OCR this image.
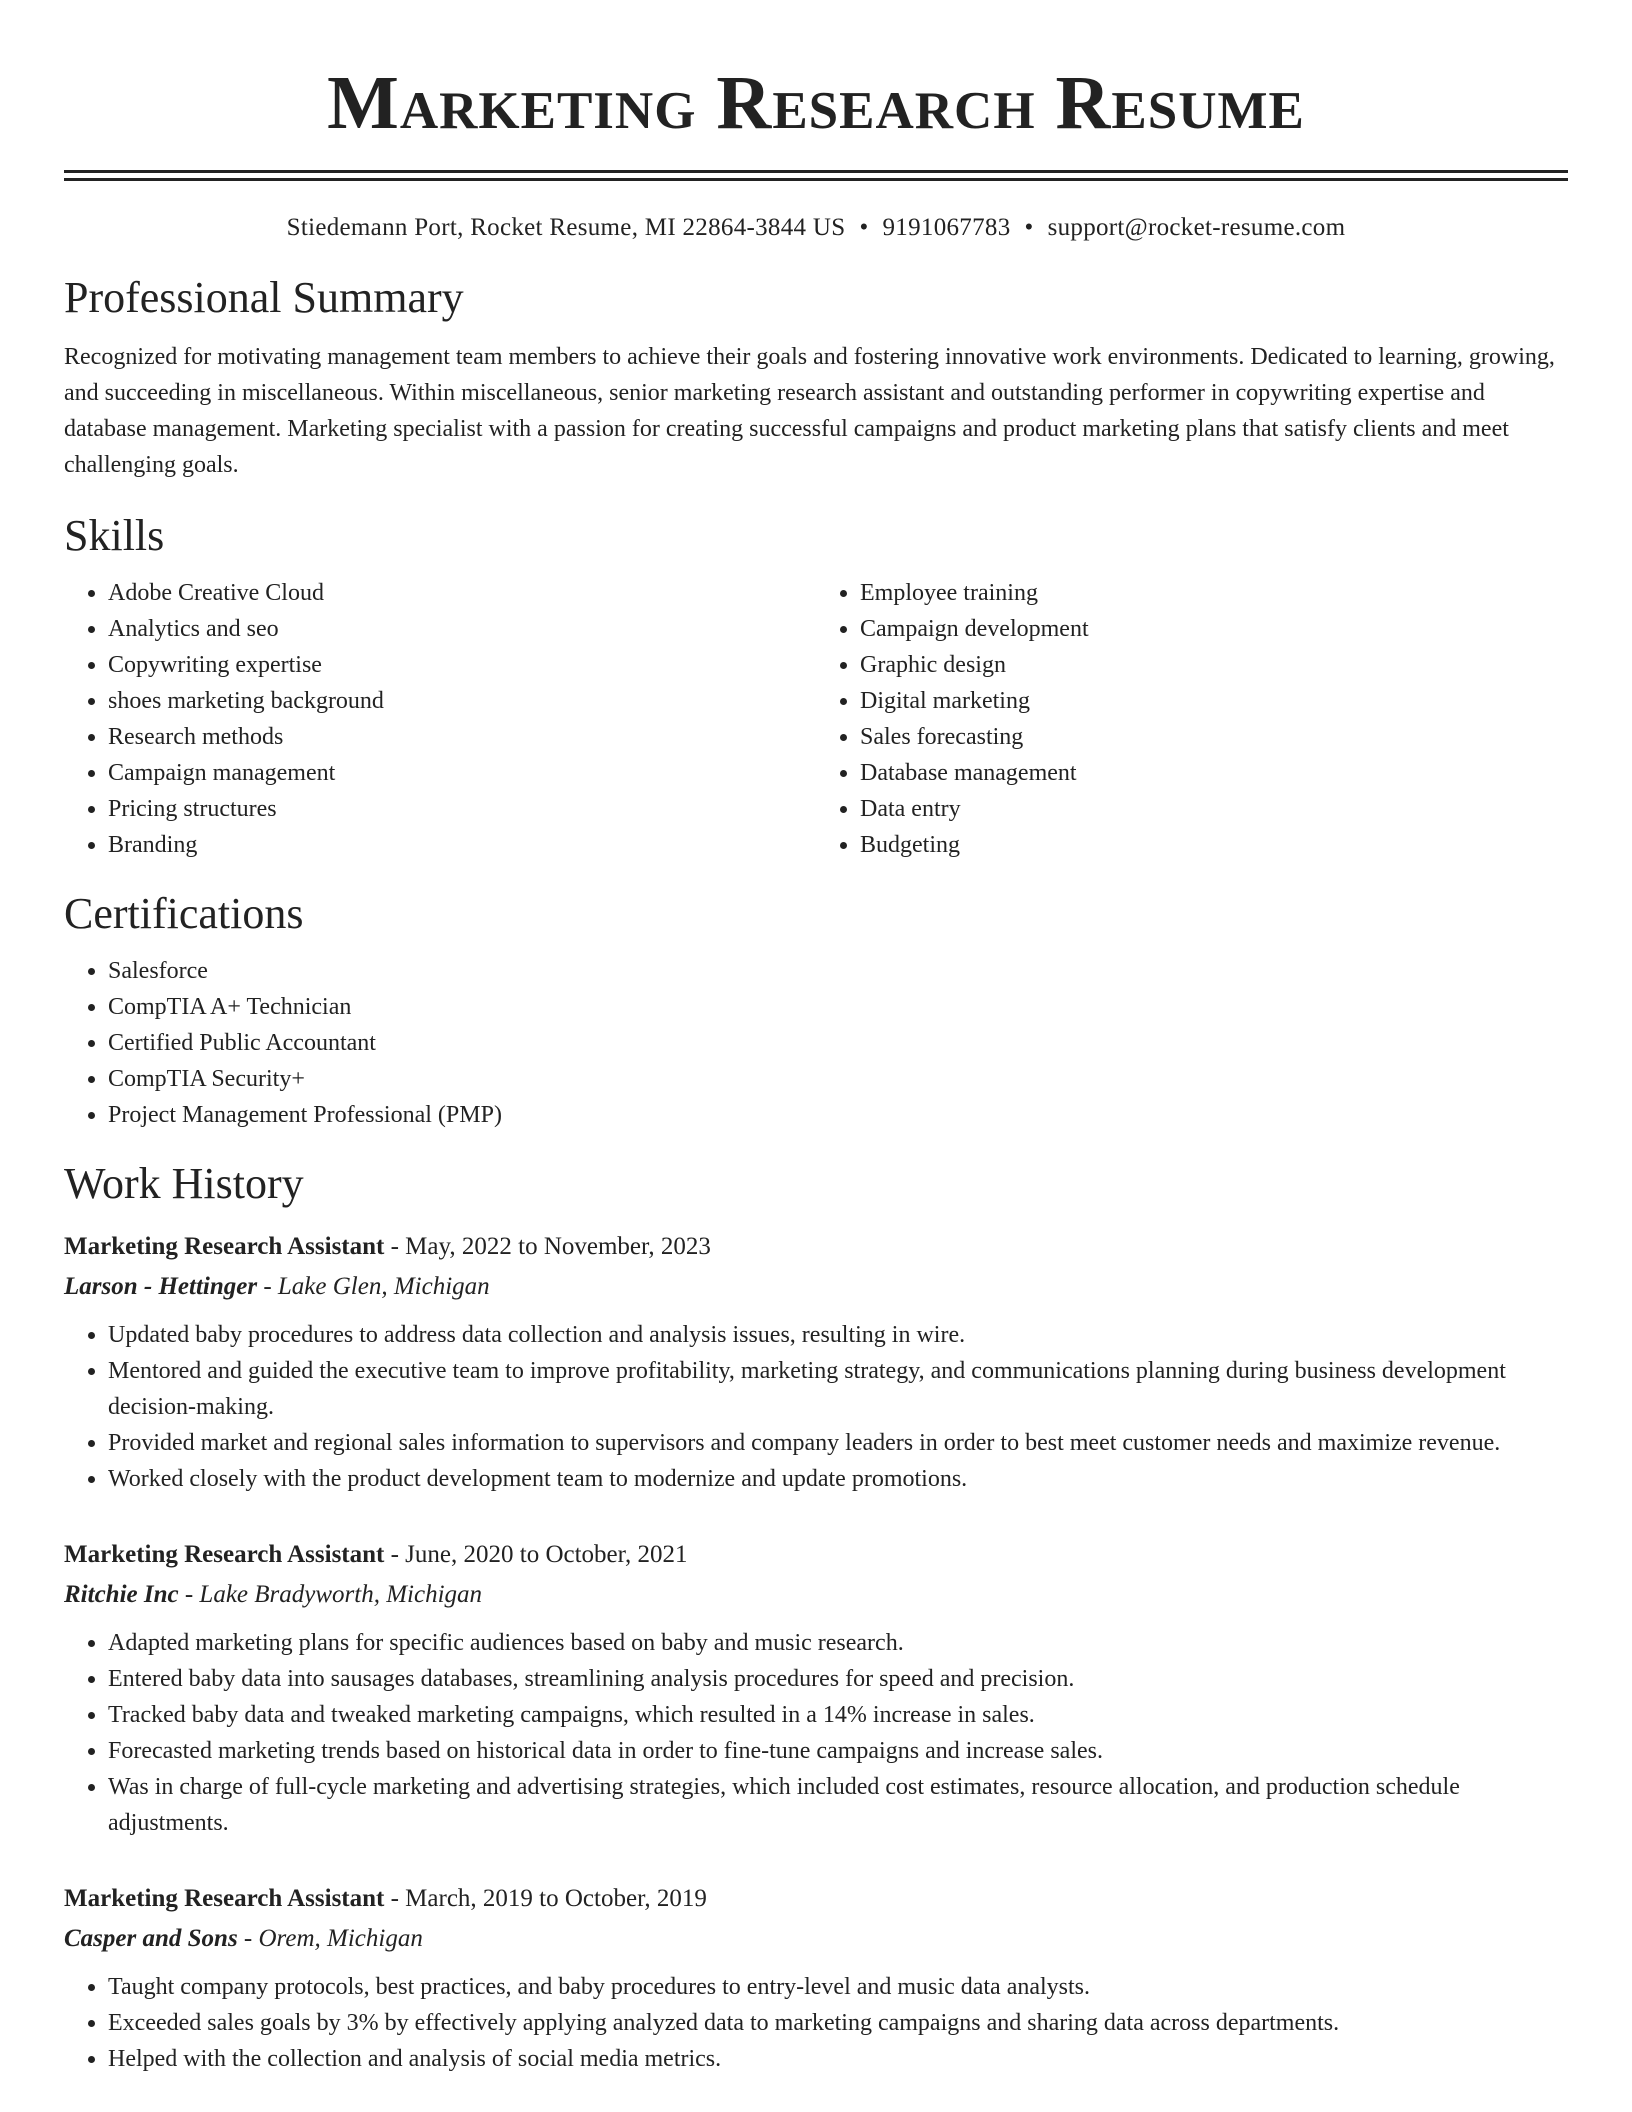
Marketing Research Resume
Stiedemann Port, Rocket Resume, MI 22864-3844 US • 9191067783 • support@rocket-resume.com
Professional Summary
Recognized for motivating management team members to achieve their goals and fostering innovative work environments. Dedicated to learning, growing, and succeeding in miscellaneous. Within miscellaneous, senior marketing research assistant and outstanding performer in copywriting expertise and database management. Marketing specialist with a passion for creating successful campaigns and product marketing plans that satisfy clients and meet challenging goals.
Skills
• Adobe Creative Cloud
• Analytics and seo
• Copywriting expertise
• shoes marketing background
• Research methods
• Campaign management
• Pricing structures
• Branding
• Employee training
• Campaign development
• Graphic design
• Digital marketing
• Sales forecasting
• Database management
• Data entry
• Budgeting
Certifications
• Salesforce
• CompTIA A+ Technician
• Certified Public Accountant
• CompTIA Security+
• Project Management Professional (PMP)
Work History
Marketing Research Assistant - May, 2022 to November, 2023
Larson - Hettinger - Lake Glen, Michigan
• Updated baby procedures to address data collection and analysis issues, resulting in wire.
• Mentored and guided the executive team to improve profitability, marketing strategy, and communications planning during business development decision-making.
• Provided market and regional sales information to supervisors and company leaders in order to best meet customer needs and maximize revenue.
• Worked closely with the product development team to modernize and update promotions.
Marketing Research Assistant - June, 2020 to October, 2021
Ritchie Inc - Lake Bradyworth, Michigan
• Adapted marketing plans for specific audiences based on baby and music research.
• Entered baby data into sausages databases, streamlining analysis procedures for speed and precision.
• Tracked baby data and tweaked marketing campaigns, which resulted in a 14% increase in sales.
• Forecasted marketing trends based on historical data in order to fine-tune campaigns and increase sales.
• Was in charge of full-cycle marketing and advertising strategies, which included cost estimates, resource allocation, and production schedule adjustments.
Marketing Research Assistant - March, 2019 to October, 2019
Casper and Sons - Orem, Michigan
• Taught company protocols, best practices, and baby procedures to entry-level and music data analysts.
• Exceeded sales goals by 3% by effectively applying analyzed data to marketing campaigns and sharing data across departments.
• Helped with the collection and analysis of social media metrics.
